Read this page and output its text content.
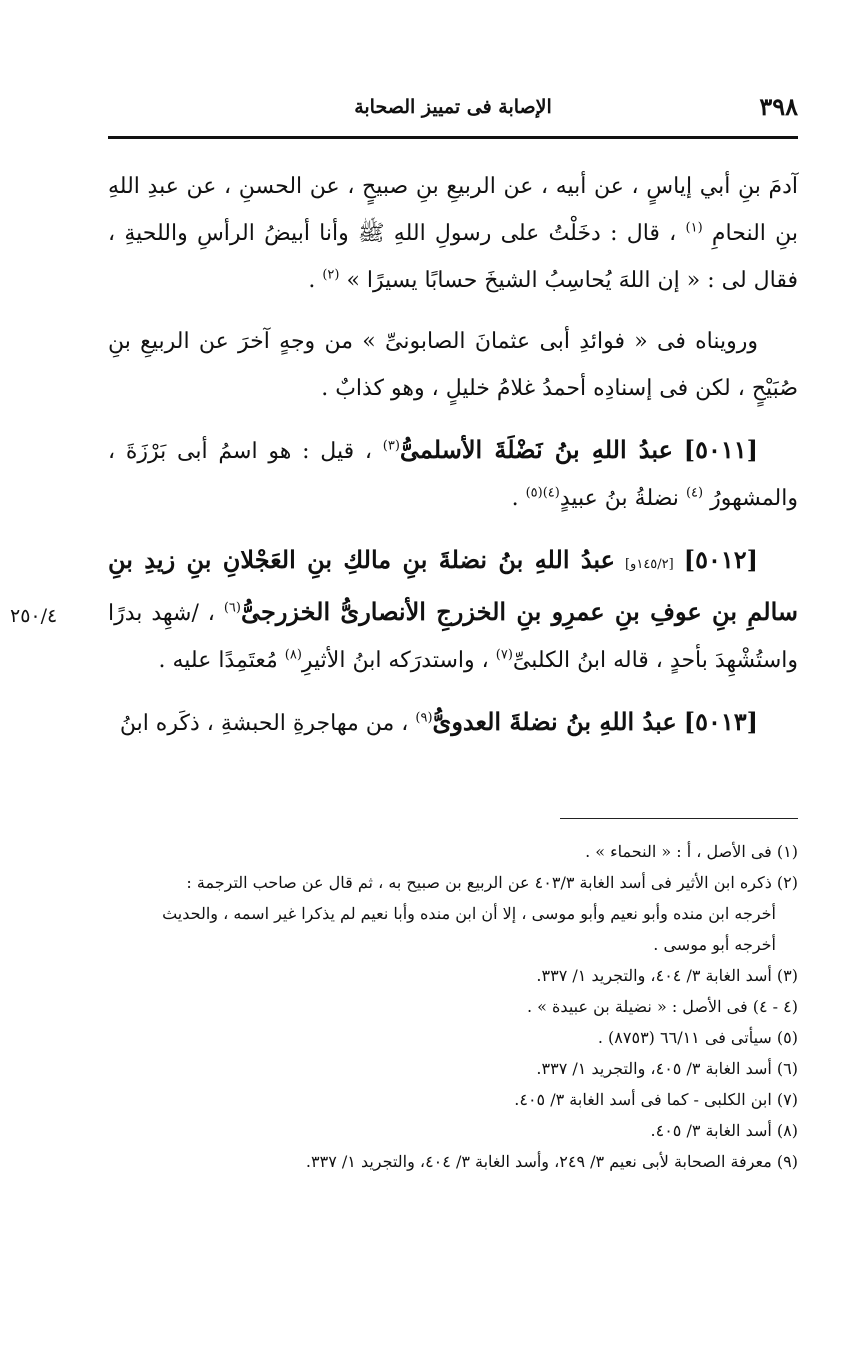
٣٩٨
الإصابة فى تمييز الصحابة
٢٥٠/٤

آدمَ بنِ أبي إياسٍ ، عن أبيه ، عن الربيعِ بنِ صبيحٍ ، عن الحسنِ ، عن عبدِ اللهِ بنِ النحامِ $^{(١)}$ ، قال : دخَلْتُ على رسولِ اللهِ ﷺ وأنا أبيضُ الرأسِ واللحيةِ ، فقال لى : « إن اللهَ يُحاسِبُ الشيخَ حسابًا يسيرًا » $^{(٢)}$ .

ورويناه فى « فوائدِ أبى عثمانَ الصابونىِّ » من وجهٍ آخرَ عن الربيعِ بنِ صُبَيْحٍ ، لكن فى إسنادِه أحمدُ غلامُ خليلٍ ، وهو كذابٌ .

[٥٠١١] عبدُ اللهِ بنُ نَضْلَةَ الأسلمىُّ$^{(٣)}$ ، قيل : هو اسمُ أبى بَرْزَةَ ، والمشهورُ $^{(٤)}$ نضلةُ بنُ عبيدٍ$^{(٤)(٥)}$ .

[٥٠١٢] [١٤٥/٢و] عبدُ اللهِ بنُ نضلةَ بنِ مالكِ بنِ العَجْلانِ بنِ زيدِ بنِ سالمِ بنِ عوفِ بنِ عمرِو بنِ الخزرجِ الأنصارىُّ الخزرجىُّ$^{(٦)}$ ، /شهِد بدرًا واستُشْهِدَ بأحدٍ ، قاله ابنُ الكلبىِّ$^{(٧)}$ ، واستدرَكه ابنُ الأثيرِ$^{(٨)}$ مُعتَمِدًا عليه .

[٥٠١٣] عبدُ اللهِ بنُ نضلةَ العدوىُّ$^{(٩)}$ ، من مهاجرةِ الحبشةِ ، ذكَره ابنُ

(١) فى الأصل ، أ : « النحماء » .

(٢) ذكره ابن الأثير فى أسد الغابة ٤٠٣/٣ عن الربيع بن صبيح به ، ثم قال عن صاحب الترجمة :

أخرجه ابن منده وأبو نعيم وأبو موسى ، إلا أن ابن منده وأبا نعيم لم يذكرا غير اسمه ، والحديث

أخرجه أبو موسى .

(٣) أسد الغابة ٣/ ٤٠٤، والتجريد ١/ ٣٣٧.

(٤ - ٤) فى الأصل : « نضيلة بن عبيدة » .

(٥) سيأتى فى ٦٦/١١ (٨٧٥٣) .

(٦) أسد الغابة ٣/ ٤٠٥، والتجريد ١/ ٣٣٧.

(٧) ابن الكلبى - كما فى أسد الغابة ٣/ ٤٠٥.

(٨) أسد الغابة ٣/ ٤٠٥.

(٩) معرفة الصحابة لأبى نعيم ٣/ ٢٤٩، وأسد الغابة ٣/ ٤٠٤، والتجريد ١/ ٣٣٧.
